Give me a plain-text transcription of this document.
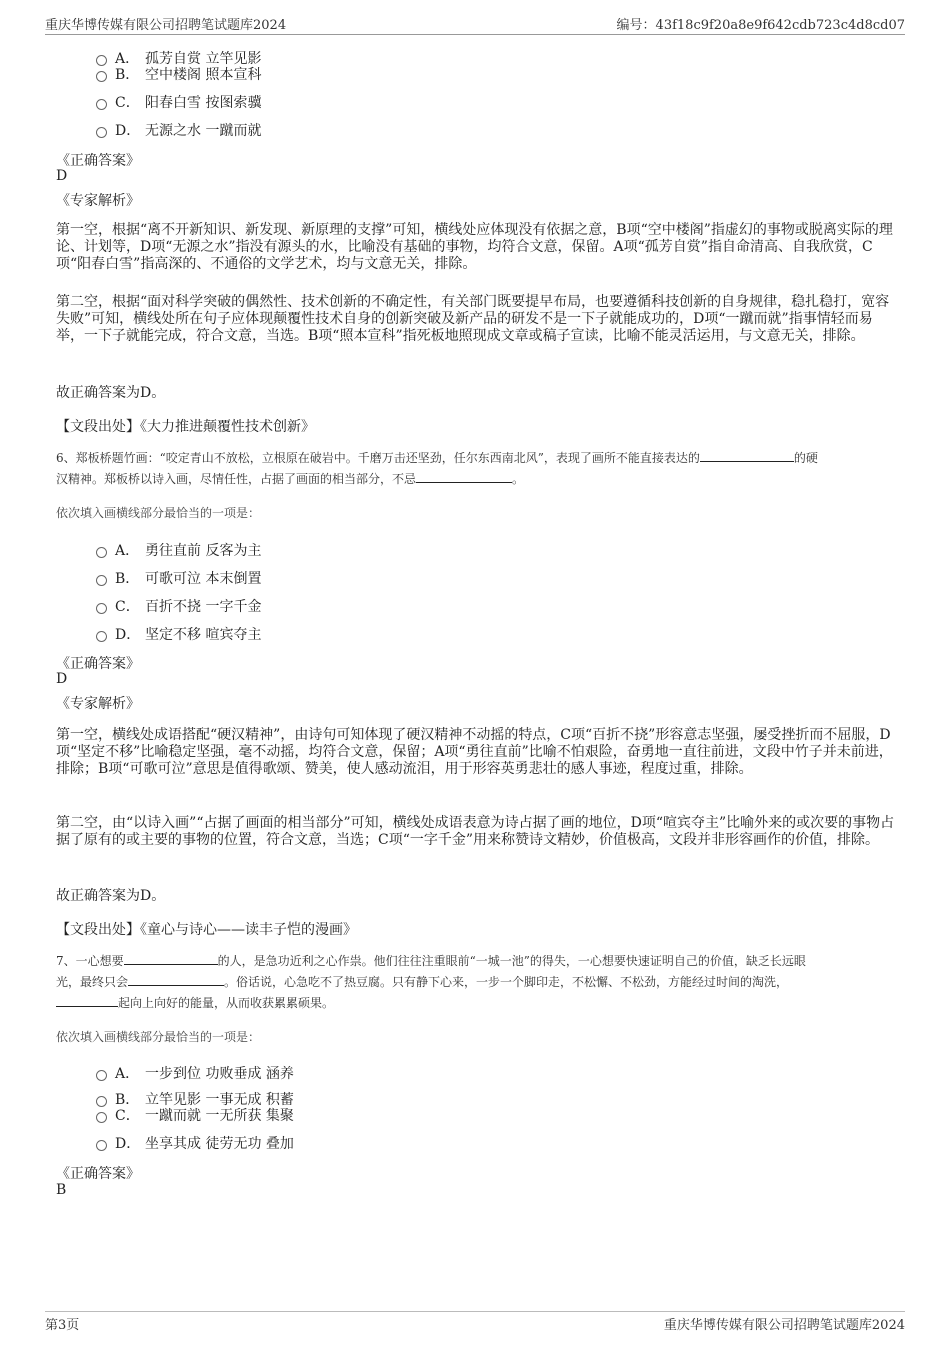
重庆华博传媒有限公司招聘笔试题库2024	编号：43f18c9f20a8e9f642cdb723c4d8cd07
A． 孤芳自赏 立竿见影
B． 空中楼阁 照本宣科
C． 阳春白雪 按图索骥
D． 无源之水 一蹴而就
《正确答案》
D
《专家解析》
第一空，根据“离不开新知识、新发现、新原理的支撑”可知，横线处应体现没有依据之意，B项“空中楼阁”指虚幻的事物或脱离实际的理论、计划等，D项“无源之水”指没有源头的水，比喻没有基础的事物，均符合文意，保留。A项“孤芳自赏”指自命清高、自我欣赏，C项“阳春白雪”指高深的、不通俗的文学艺术，均与文意无关，排除。
第二空，根据“面对科学突破的偶然性、技术创新的不确定性，有关部门既要提早布局，也要遵循科技创新的自身规律，稳扎稳打，宽容失败”可知，横线处所在句子应体现颠覆性技术自身的创新突破及新产品的研发不是一下子就能成功的，D项“一蹴而就”指事情轻而易举，一下子就能完成，符合文意，当选。B项“照本宣科”指死板地照现成文章或稿子宣读，比喻不能灵活运用，与文意无关，排除。
故正确答案为D。
【文段出处】《大力推进颠覆性技术创新》
6、郑板桥题竹画：“咬定青山不放松，立根原在破岩中。千磨万击还坚劲，任尔东西南北风”，表现了画所不能直接表达的	的硬
汉精神。郑板桥以诗入画，尽情任性，占据了画面的相当部分，不忌	。
依次填入画横线部分最恰当的一项是：
A． 勇往直前 反客为主
B． 可歌可泣 本末倒置
C． 百折不挠 一字千金
D． 坚定不移 喧宾夺主
《正确答案》
D
《专家解析》
第一空，横线处成语搭配“硬汉精神”，由诗句可知体现了硬汉精神不动摇的特点，C项“百折不挠”形容意志坚强，屡受挫折而不屈服，D项“坚定不移”比喻稳定坚强，毫不动摇，均符合文意，保留；A项“勇往直前”比喻不怕艰险，奋勇地一直往前进，文段中竹子并未前进，排除；B项“可歌可泣”意思是值得歌颂、赞美，使人感动流泪，用于形容英勇悲壮的感人事迹，程度过重，排除。
第二空，由“以诗入画”“占据了画面的相当部分”可知，横线处成语表意为诗占据了画的地位，D项“喧宾夺主”比喻外来的或次要的事物占据了原有的或主要的事物的位置，符合文意，当选；C项“一字千金”用来称赞诗文精妙，价值极高，文段并非形容画作的价值，排除。
故正确答案为D。
【文段出处】《童心与诗心——读丰子恺的漫画》
7、一心想要	的人，是急功近利之心作祟。他们往往注重眼前“一城一池”的得失，一心想要快速证明自己的价值，缺乏长远眼
光，最终只会	。俗话说，心急吃不了热豆腐。只有静下心来，一步一个脚印走，不松懈、不松劲，方能经过时间的淘洗，
起向上向好的能量，从而收获累累硕果。
依次填入画横线部分最恰当的一项是：
A． 一步到位 功败垂成 涵养
B． 立竿见影 一事无成 积蓄
C． 一蹴而就 一无所获 集聚
D． 坐享其成 徒劳无功 叠加
《正确答案》
B
第3页	重庆华博传媒有限公司招聘笔试题库2024
